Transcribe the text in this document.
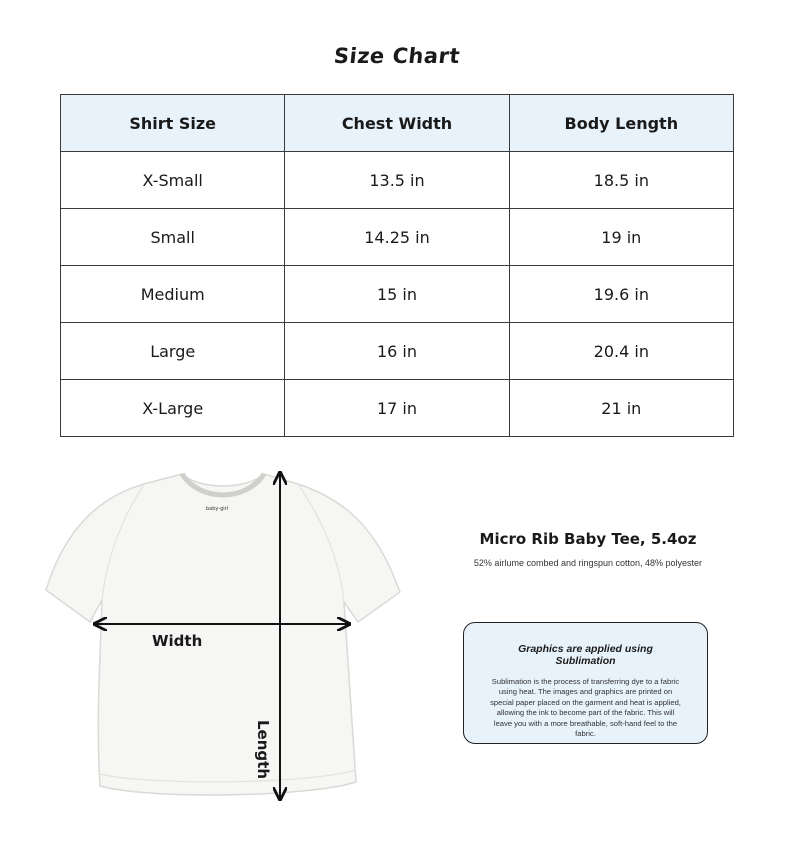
Size Chart
Shirt Size	Chest Width	Body Length
X-Small	13.5 in	18.5 in
Small	14.25 in	19 in
Medium	15 in	19.6 in
Large	16 in	20.4 in
X-Large	17 in	21 in
baby-girl
Width
Length
Micro Rib Baby Tee, 5.4oz
52% airlume combed and ringspun cotton, 48% polyester
Graphics are applied using Sublimation
Sublimation is the process of transferring dye to a fabric using heat. The images and graphics are printed on special paper placed on the garment and heat is applied, allowing the ink to become part of the fabric. This will leave you with a more breathable, soft-hand feel to the fabric.
